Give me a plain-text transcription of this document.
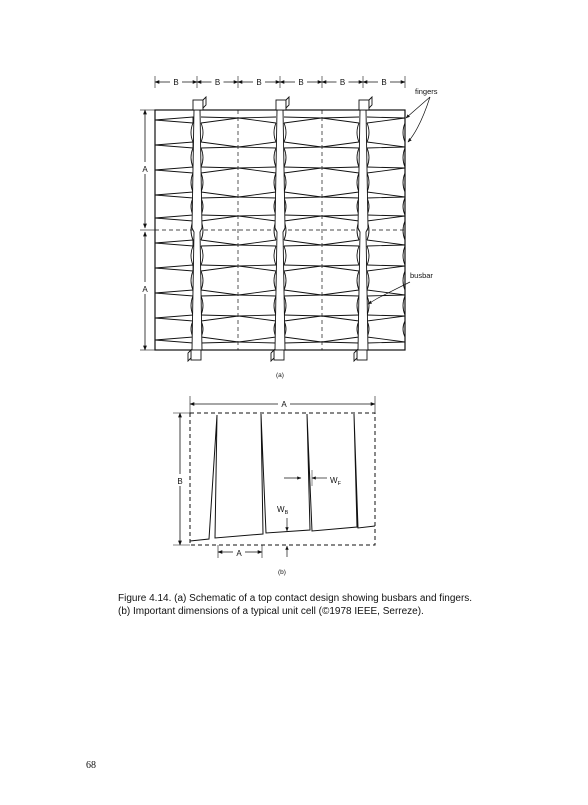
B	B	B	B	B	B
A
A
fingers
busbar
(a)
A
B	$W_F$
$W_B$
A
(b)

Figure 4.14. (a) Schematic of a top contact design showing busbars and fingers.

(b) Important dimensions of a typical unit cell (©1978 IEEE, Serreze).

68
